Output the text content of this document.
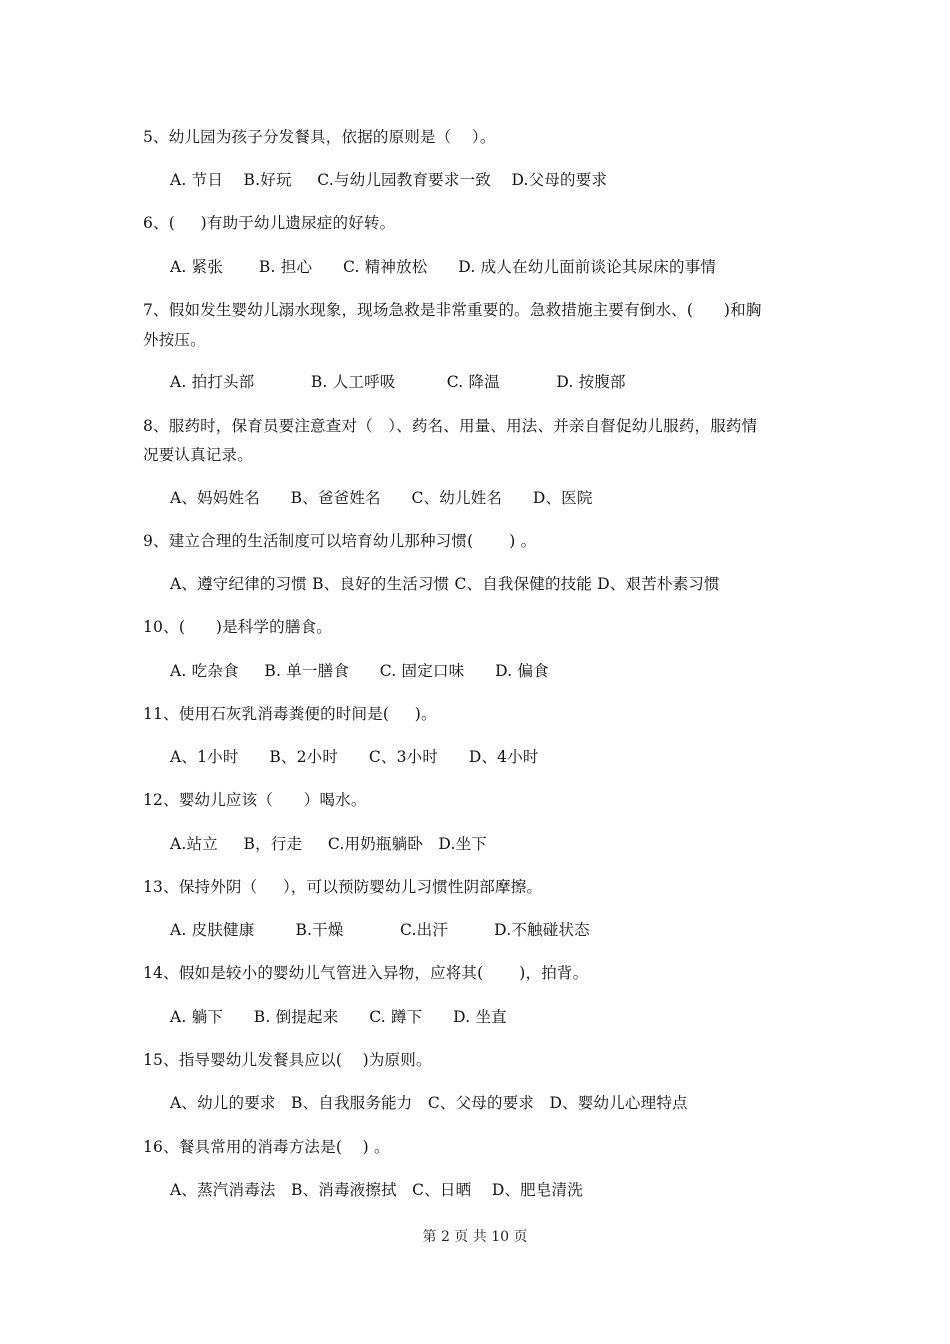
5、幼儿园为孩子分发餐具，依据的原则是（    ）。
A. 节日    B.好玩     C.与幼儿园教育要求一致    D.父母的要求
6、(     )有助于幼儿遗尿症的好转。
A. 紧张       B. 担心      C. 精神放松      D. 成人在幼儿面前谈论其尿床的事情
7、假如发生婴幼儿溺水现象，现场急救是非常重要的。急救措施主要有倒水、(      )和胸
外按压。
A. 拍打头部           B. 人工呼吸          C. 降温           D. 按腹部
8、服药时，保育员要注意查对（   ）、药名、用量、用法、并亲自督促幼儿服药，服药情
况要认真记录。
A、妈妈姓名      B、爸爸姓名      C、幼儿姓名      D、医院
9、建立合理的生活制度可以培育幼儿那种习惯(       ) 。
A、遵守纪律的习惯 B、良好的生活习惯 C、自我保健的技能 D、艰苦朴素习惯
10、(      )是科学的膳食。
A. 吃杂食     B. 单一膳食      C. 固定口味      D. 偏食
11、使用石灰乳消毒粪便的时间是(     )。
A、1小时      B、2小时      C、3小时      D、4小时
12、婴幼儿应该（      ）喝水。
A.站立     B，行走     C.用奶瓶躺卧   D.坐下
13、保持外阴（     ），可以预防婴幼儿习惯性阴部摩擦。
A. 皮肤健康        B.干燥           C.出汗         D.不触碰状态
14、假如是较小的婴幼儿气管进入异物，应将其(       )，拍背。
A. 躺下      B. 倒提起来      C. 蹲下      D. 坐直
15、指导婴幼儿发餐具应以(    )为原则。
A、幼儿的要求   B、自我服务能力   C、父母的要求   D、婴幼儿心理特点
16、餐具常用的消毒方法是(    ) 。
A、蒸汽消毒法   B、消毒液擦拭   C、日晒    D、肥皂清洗
第 2 页 共 10 页
